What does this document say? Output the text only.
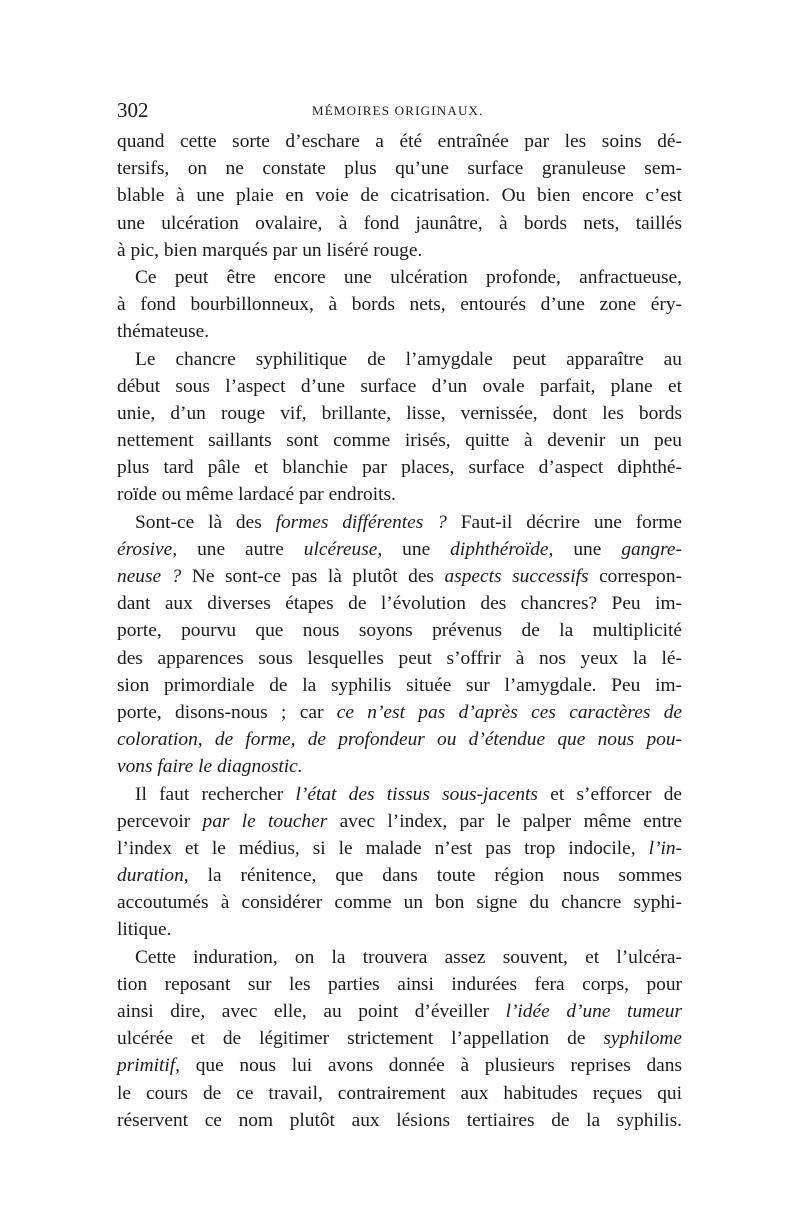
302	MÉMOIRES ORIGINAUX.
quand cette sorte d’eschare a été entraînée par les soins dé-
tersifs, on ne constate plus qu’une surface granuleuse sem-
blable à une plaie en voie de cicatrisation. Ou bien encore c’est
une ulcération ovalaire, à fond jaunâtre, à bords nets, taillés
à pic, bien marqués par un liséré rouge.
Ce peut être encore une ulcération profonde, anfractueuse,
à fond bourbillonneux, à bords nets, entourés d’une zone éry-
thémateuse.
Le chancre syphilitique de l’amygdale peut apparaître au
début sous l’aspect d’une surface d’un ovale parfait, plane et
unie, d’un rouge vif, brillante, lisse, vernissée, dont les bords
nettement saillants sont comme irisés, quitte à devenir un peu
plus tard pâle et blanchie par places, surface d’aspect diphthé-
roïde ou même lardacé par endroits.
Sont-ce là des formes différentes ? Faut-il décrire une forme
érosive, une autre ulcéreuse, une diphthéroïde, une gangre-
neuse ? Ne sont-ce pas là plutôt des aspects successifs correspon-
dant aux diverses étapes de l’évolution des chancres? Peu im-
porte, pourvu que nous soyons prévenus de la multiplicité
des apparences sous lesquelles peut s’offrir à nos yeux la lé-
sion primordiale de la syphilis située sur l’amygdale. Peu im-
porte, disons-nous ; car ce n’est pas d’après ces caractères de
coloration, de forme, de profondeur ou d’étendue que nous pou-
vons faire le diagnostic.
Il faut rechercher l’état des tissus sous-jacents et s’efforcer de
percevoir par le toucher avec l’index, par le palper même entre
l’index et le médius, si le malade n’est pas trop indocile, l’in-
duration, la rénitence, que dans toute région nous sommes
accoutumés à considérer comme un bon signe du chancre syphi-
litique.
Cette induration, on la trouvera assez souvent, et l’ulcéra-
tion reposant sur les parties ainsi indurées fera corps, pour
ainsi dire, avec elle, au point d’éveiller l’idée d’une tumeur
ulcérée et de légitimer strictement l’appellation de syphilome
primitif, que nous lui avons donnée à plusieurs reprises dans
le cours de ce travail, contrairement aux habitudes reçues qui
réservent ce nom plutôt aux lésions tertiaires de la syphilis.
